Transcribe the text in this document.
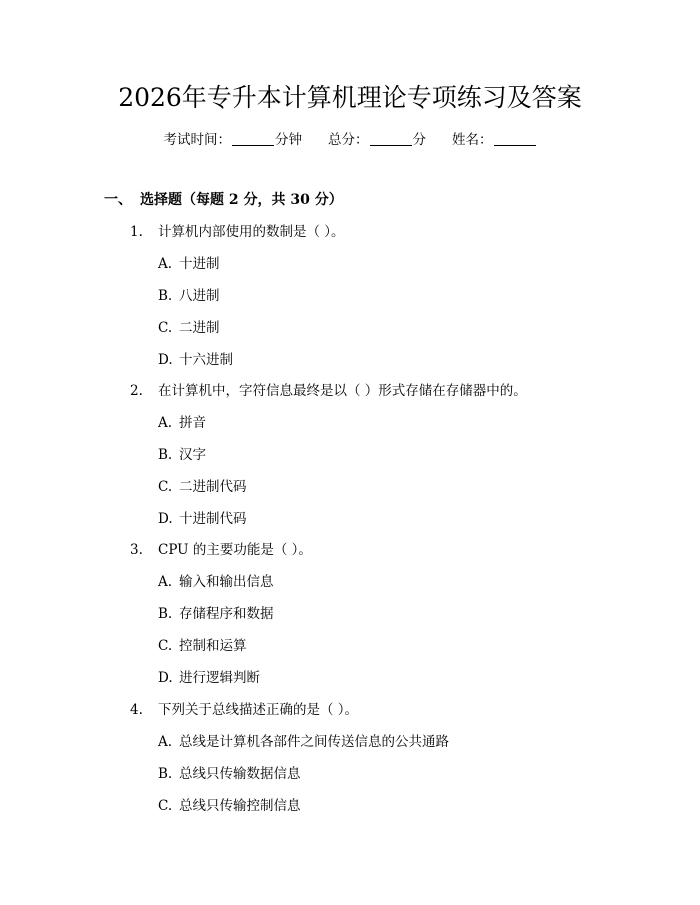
2026年专升本计算机理论专项练习及答案
考试时间：	分钟 总分：	分 姓名：
一、 选择题（每题 2 分，共 30 分）
1. 计算机内部使用的数制是（ ）。
A. 十进制
B. 八进制
C. 二进制
D. 十六进制
2. 在计算机中，字符信息最终是以（ ）形式存储在存储器中的。
A. 拼音
B. 汉字
C. 二进制代码
D. 十进制代码
3. CPU 的主要功能是（ ）。
A. 输入和输出信息
B. 存储程序和数据
C. 控制和运算
D. 进行逻辑判断
4. 下列关于总线描述正确的是（ ）。
A. 总线是计算机各部件之间传送信息的公共通路
B. 总线只传输数据信息
C. 总线只传输控制信息
